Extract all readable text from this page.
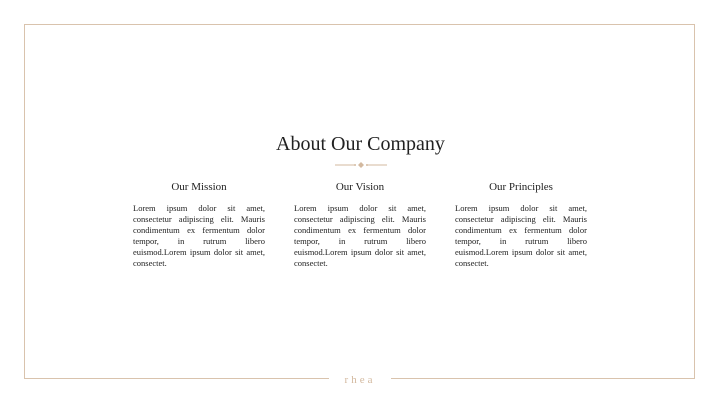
rhea
About Our Company
Our Mission
Lorem ipsum dolor sit amet, consectetur adipiscing elit. Mauris condimentum ex fermentum dolor tempor, in rutrum libero euismod.Lorem ipsum dolor sit amet, consectet.
Our Vision
Lorem ipsum dolor sit amet, consectetur adipiscing elit. Mauris condimentum ex fermentum dolor tempor, in rutrum libero euismod.Lorem ipsum dolor sit amet, consectet.
Our Principles
Lorem ipsum dolor sit amet, consectetur adipiscing elit. Mauris condimentum ex fermentum dolor tempor, in rutrum libero euismod.Lorem ipsum dolor sit amet, consectet.
